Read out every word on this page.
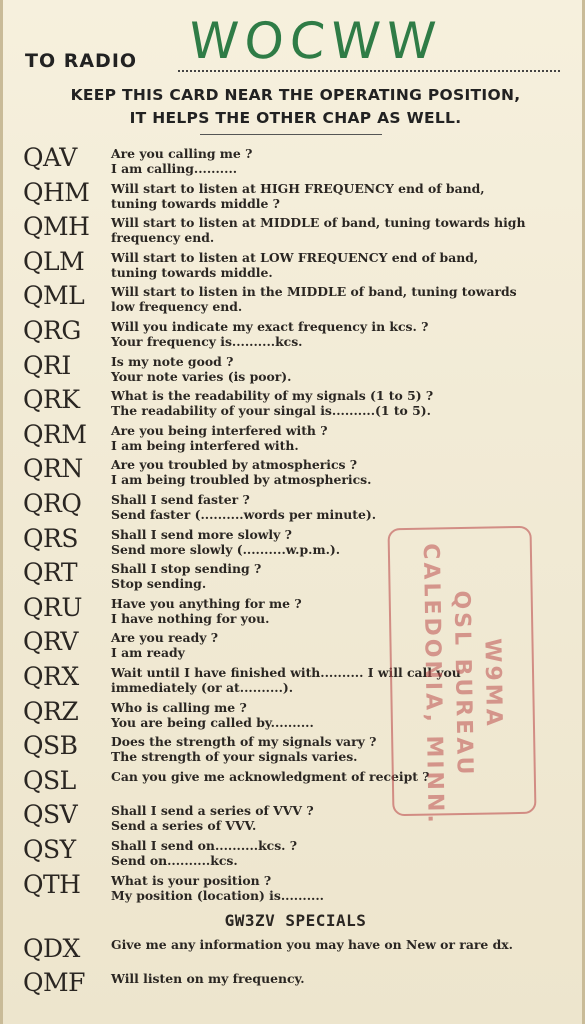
TO RADIO WOCWW
KEEP THIS CARD NEAR THE OPERATING POSITION,
IT HELPS THE OTHER CHAP AS WELL.
QAV	Are you calling me ?
I am calling..........
QHM Will start to listen at HIGH FREQUENCY end of band,
tuning towards middle ?
QMH Will start to listen at MIDDLE of band, tuning towards high
frequency end.
QLM Will start to listen at LOW FREQUENCY end of band,
tuning towards middle.
QML Will start to listen in the MIDDLE of band, tuning towards
low frequency end.
QRG Will you indicate my exact frequency in kcs. ?
Your frequency is..........kcs.
QRI	Is my note good ?
Your note varies (is poor).
QRK	What is the readability of my signals (1 to 5) ?
The readability of your singal is..........(1 to 5).
QRM Are you being interfered with ?
I am being interfered with.
QRN Are you troubled by atmospherics ?
I am being troubled by atmospherics.
QRQ Shall I send faster ?
Send faster (..........words per minute).
QRS	Shall I send more slowly ?
Send more slowly (..........w.p.m.).
QRT	Shall I stop sending ?
Stop sending.
QRU Have you anything for me ?
I have nothing for you.
QRV	Are you ready ?
I am ready
QRX	Wait until I have finished with.......... I will call you
immediately (or at..........).
QRZ	Who is calling me ?
You are being called by..........
QSB	Does the strength of my signals vary ?
The strength of your signals varies.
QSL	Can you give me acknowledgment of receipt ?
QSV	Shall I send a series of VVV ?
Send a series of VVV.
QSY	Shall I send on..........kcs. ?
Send on..........kcs.
QTH What is your position ?
My position (location) is..........
GW3ZV SPECIALS
QDX	Give me any information you may have on New or rare dx.
QMF Will listen on my frequency.
W9MA
QSL BUREAU
CALEDONIA, MINN.
